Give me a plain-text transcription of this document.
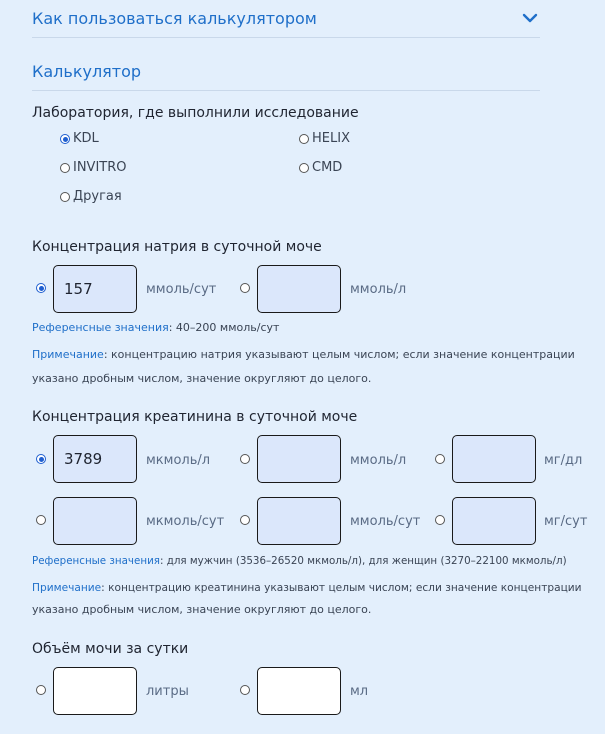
Как пользоваться калькулятором
Калькулятор
Лаборатория, где выполнили исследование
KDL	HELIX
INVITRO	CMD
Другая
Концентрация натрия в суточной моче
157	ммоль/сут	ммоль/л
Референсные значения: 40–200 ммоль/сут
Примечание: концентрацию натрия указывают целым числом; если значение концентрации
указано дробным числом, значение округляют до целого.
Концентрация креатинина в суточной моче
3789	мкмоль/л	ммоль/л	мг/дл
мкмоль/сут	ммоль/сут	мг/сут
Референсные значения: для мужчин (3536–26520 мкмоль/л), для женщин (3270–22100 мкмоль/л)
Примечание: концентрацию креатинина указывают целым числом; если значение концентрации
указано дробным числом, значение округляют до целого.
Объём мочи за сутки
литры	мл
